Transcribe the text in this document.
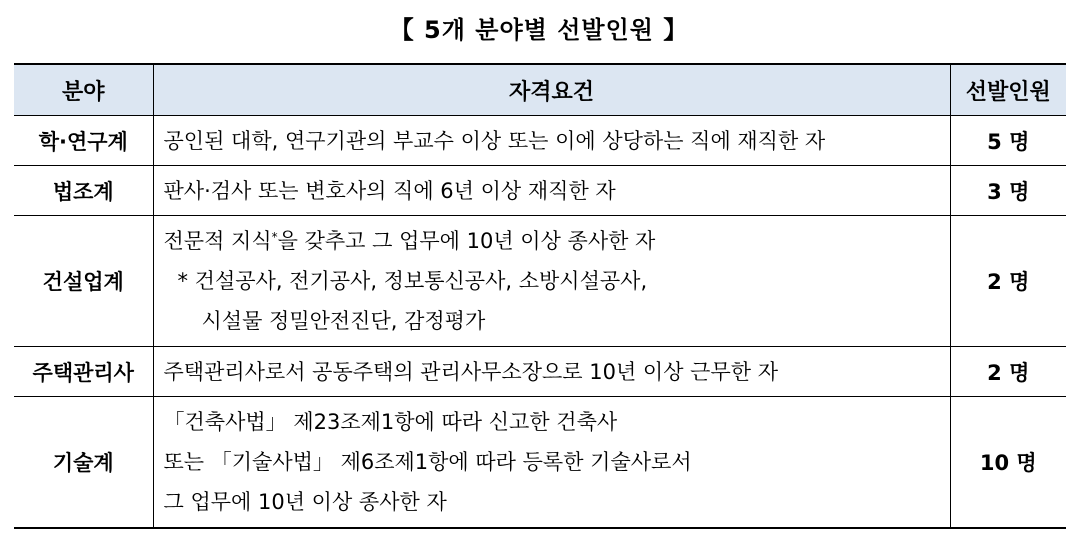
【 5개 분야별 선발인원 】
분야	자격요건	선발인원
학·연구계	공인된 대학, 연구기관의 부교수 이상 또는 이에 상당하는 직에 재직한 자	5 명
법조계	판사·검사 또는 변호사의 직에 6년 이상 재직한 자	3 명
건설업계	전문적 지식*을 갖추고 그 업무에 10년 이상 종사한 자
* 건설공사, 전기공사, 정보통신공사, 소방시설공사,
시설물 정밀안전진단, 감정평가	2 명
주택관리사	주택관리사로서 공동주택의 관리사무소장으로 10년 이상 근무한 자	2 명
기술계	「건축사법」 제23조제1항에 따라 신고한 건축사
또는 「기술사법」 제6조제1항에 따라 등록한 기술사로서
그 업무에 10년 이상 종사한 자	10 명
